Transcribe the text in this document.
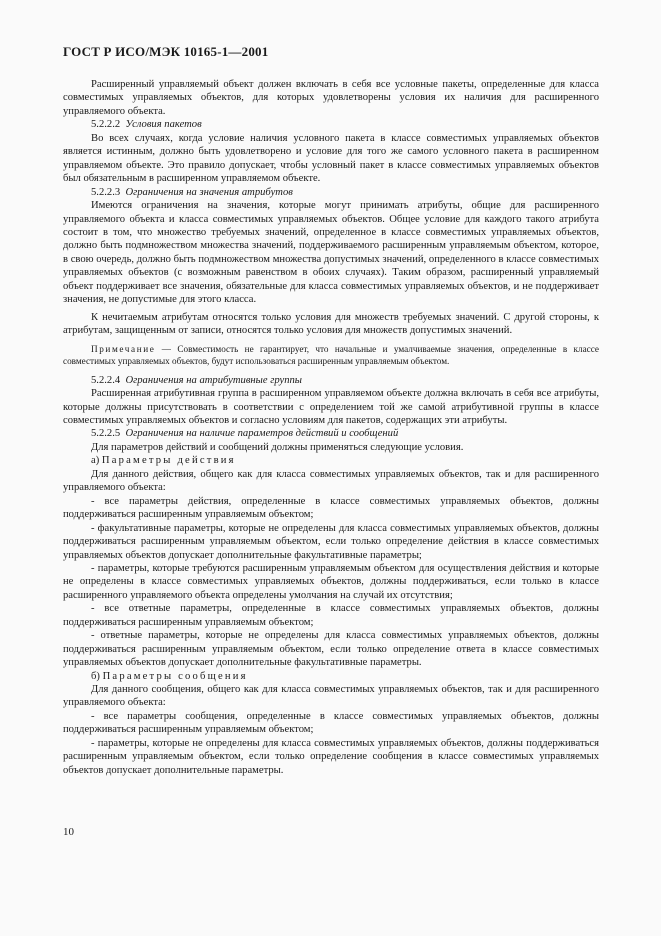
ГОСТ Р ИСО/МЭК 10165-1—2001

Расширенный управляемый объект должен включать в себя все условные пакеты, определенные для класса совместимых управляемых объектов, для которых удовлетворены условия их наличия для расширенного управляемого объекта.

5.2.2.2 Условия пакетов

Во всех случаях, когда условие наличия условного пакета в классе совместимых управляемых объектов является истинным, должно быть удовлетворено и условие для того же самого условного пакета в расширенном управляемом объекте. Это правило допускает, чтобы условный пакет в классе совместимых управляемых объектов был обязательным в расширенном управляемом объекте.

5.2.2.3 Ограничения на значения атрибутов

Имеются ограничения на значения, которые могут принимать атрибуты, общие для расширенного управляемого объекта и класса совместимых управляемых объектов. Общее условие для каждого такого атрибута состоит в том, что множество требуемых значений, определенное в классе совместимых управляемых объектов, должно быть подмножеством множества значений, поддерживаемого расширенным управляемым объектом, которое, в свою очередь, должно быть подмножеством множества допустимых значений, определенного в классе совместимых управляемых объектов (с возможным равенством в обоих случаях). Таким образом, расширенный управляемый объект поддерживает все значения, обязательные для класса совместимых управляемых объектов, и не поддерживает значения, не допустимые для этого класса.

К нечитаемым атрибутам относятся только условия для множеств требуемых значений. С другой стороны, к атрибутам, защищенным от записи, относятся только условия для множеств допустимых значений.

Примечание — Совместимость не гарантирует, что начальные и умалчиваемые значения, определенные в классе совместимых управляемых объектов, будут использоваться расширенным управляемым объектом.

5.2.2.4 Ограничения на атрибутивные группы

Расширенная атрибутивная группа в расширенном управляемом объекте должна включать в себя все атрибуты, которые должны присутствовать в соответствии с определением той же самой атрибутивной группы в классе совместимых управляемых объектов и согласно условиям для пакетов, содержащих эти атрибуты.

5.2.2.5 Ограничения на наличие параметров действий и сообщений

Для параметров действий и сообщений должны применяться следующие условия.

а) Параметры действия

Для данного действия, общего как для класса совместимых управляемых объектов, так и для расширенного управляемого объекта:

- все параметры действия, определенные в классе совместимых управляемых объектов, должны поддерживаться расширенным управляемым объектом;

- факультативные параметры, которые не определены для класса совместимых управляемых объектов, должны поддерживаться расширенным управляемым объектом, если только определение действия в классе совместимых управляемых объектов допускает дополнительные факультативные параметры;

- параметры, которые требуются расширенным управляемым объектом для осуществления действия и которые не определены в классе совместимых управляемых объектов, должны поддерживаться, если только в классе расширенного управляемого объекта определены умолчания на случай их отсутствия;

- все ответные параметры, определенные в классе совместимых управляемых объектов, должны поддерживаться расширенным управляемым объектом;

- ответные параметры, которые не определены для класса совместимых управляемых объектов, должны поддерживаться расширенным управляемым объектом, если только определение ответа в классе совместимых управляемых объектов допускает дополнительные факультативные параметры.

б) Параметры сообщения

Для данного сообщения, общего как для класса совместимых управляемых объектов, так и для расширенного управляемого объекта:

- все параметры сообщения, определенные в классе совместимых управляемых объектов, должны поддерживаться расширенным управляемым объектом;

- параметры, которые не определены для класса совместимых управляемых объектов, должны поддерживаться расширенным управляемым объектом, если только определение сообщения в классе совместимых управляемых объектов допускает дополнительные параметры.

10
